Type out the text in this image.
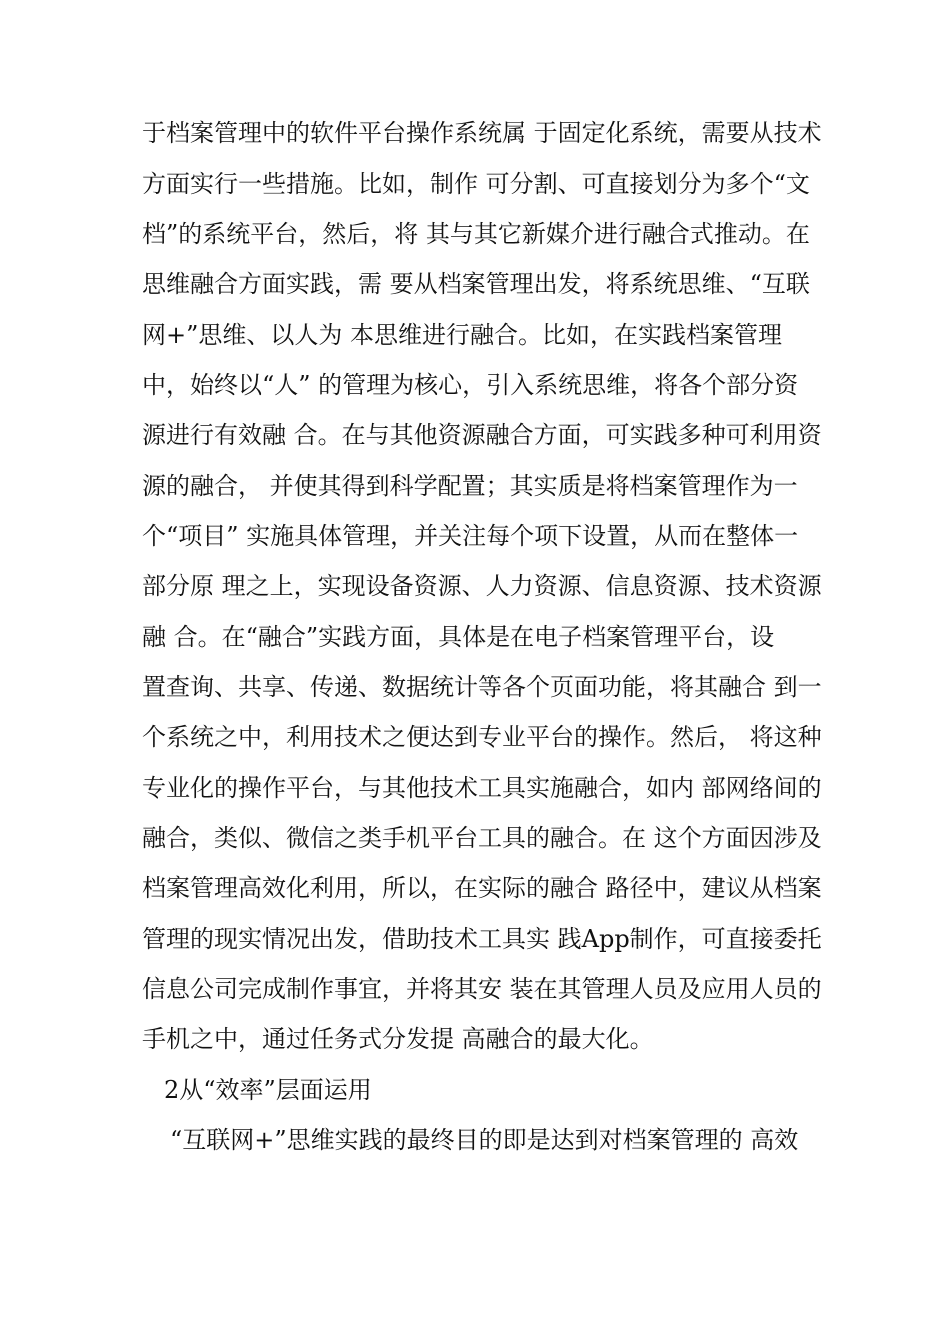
于档案管理中的软件平台操作系统属 于固定化系统，需要从技术

方面实行一些措施。比如，制作 可分割、可直接划分为多个“文

档”的系统平台，然后，将 其与其它新媒介进行融合式推动。在

思维融合方面实践，需 要从档案管理出发，将系统思维、“互联

网+”思维、以人为 本思维进行融合。比如，在实践档案管理

中，始终以“人” 的管理为核心，引入系统思维，将各个部分资

源进行有效融 合。在与其他资源融合方面，可实践多种可利用资

源的融合， 并使其得到科学配置；其实质是将档案管理作为一

个“项目” 实施具体管理，并关注每个项下设置，从而在整体一

部分原 理之上，实现设备资源、人力资源、信息资源、技术资源

融 合。在“融合”实践方面，具体是在电子档案管理平台，设

置查询、共享、传递、数据统计等各个页面功能，将其融合 到一

个系统之中，利用技术之便达到专业平台的操作。然后， 将这种

专业化的操作平台，与其他技术工具实施融合，如内 部网络间的

融合，类似、微信之类手机平台工具的融合。在 这个方面因涉及

档案管理高效化利用，所以，在实际的融合 路径中，建议从档案

管理的现实情况出发，借助技术工具实 践App制作，可直接委托

信息公司完成制作事宜，并将其安 装在其管理人员及应用人员的

手机之中，通过任务式分发提 高融合的最大化。

2从“效率”层面运用

“互联网+”思维实践的最终目的即是达到对档案管理的 高效
